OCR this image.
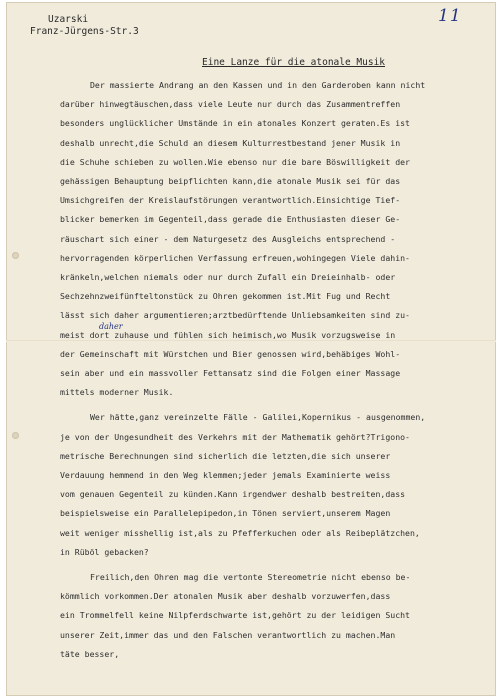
Uzarski
Franz-Jürgens-Str.3
11
Eine Lanze für die atonale Musik
daher
Der massierte Andrang an den Kassen und in den Garderoben kann nicht
darüber hinwegtäuschen,dass viele Leute nur durch das Zusammentreffen
besonders unglücklicher Umstände in ein atonales Konzert geraten.Es ist
deshalb unrecht,die Schuld an diesem Kulturrestbestand jener Musik in
die Schuhe schieben zu wollen.Wie ebenso nur die bare Böswilligkeit der
gehässigen Behauptung beipflichten kann,die atonale Musik sei für das
Umsichgreifen der Kreislaufstörungen verantwortlich.Einsichtige Tief-
blicker bemerken im Gegenteil,dass gerade die Enthusiasten dieser Ge-
räuschart sich einer - dem Naturgesetz des Ausgleichs entsprechend -
hervorragenden körperlichen Verfassung erfreuen,wohingegen Viele dahin-
kränkeln,welchen niemals oder nur durch Zufall ein Dreieinhalb- oder
Sechzehnzweifünfteltonstück zu Ohren gekommen ist.Mit Fug und Recht
lässt sich daher argumentieren;arztbedürftende Unliebsamkeiten sind zu-
meist dort zuhause und fühlen sich heimisch,wo Musik vorzugsweise in
der Gemeinschaft mit Würstchen und Bier genossen wird,behäbiges Wohl-
sein aber und ein massvoller Fettansatz sind die Folgen einer Massage
mittels moderner Musik.
Wer hätte,ganz vereinzelte Fälle - Galilei,Kopernikus - ausgenommen,
je von der Ungesundheit des Verkehrs mit der Mathematik gehört?Trigono-
metrische Berechnungen sind sicherlich die letzten,die sich unserer
Verdauung hemmend in den Weg klemmen;jeder jemals Examinierte weiss
vom genauen Gegenteil zu künden.Kann irgendwer deshalb bestreiten,dass
beispielsweise ein Parallelepipedon,in Tönen serviert,unserem Magen
weit weniger misshellig ist,als zu Pfefferkuchen oder als Reibeplätzchen,
in Rüböl gebacken?
Freilich,den Ohren mag die vertonte Stereometrie nicht ebenso be-
kömmlich vorkommen.Der atonalen Musik aber deshalb vorzuwerfen,dass
ein Trommelfell keine Nilpferdschwarte ist,gehört zu der leidigen Sucht
unserer Zeit,immer das und den Falschen verantwortlich zu machen.Man
täte besser,
